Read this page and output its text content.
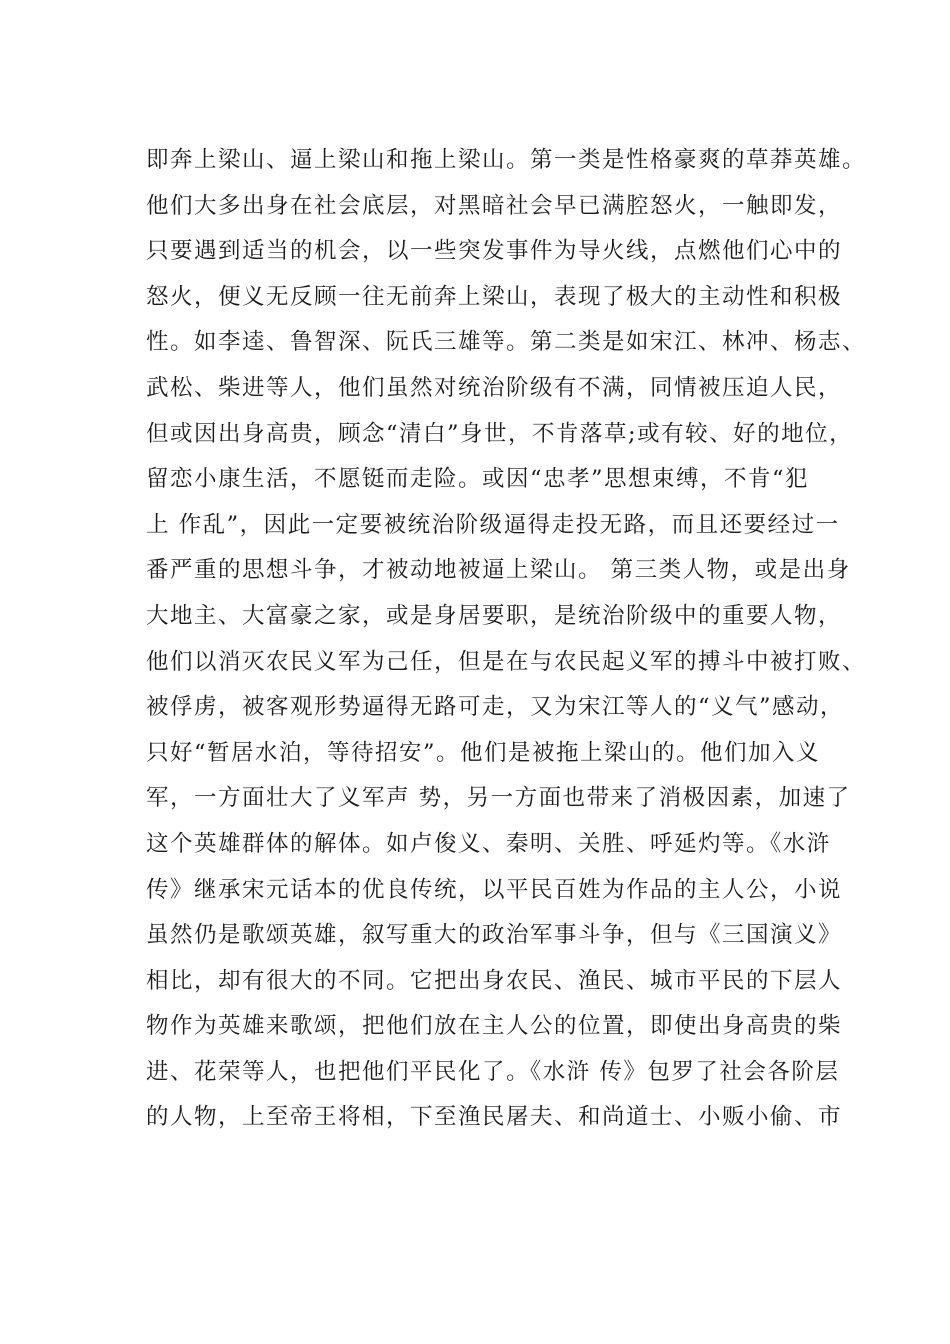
即奔上梁山、逼上梁山和拖上梁山。第一类是性格豪爽的草莽英雄。
他们大多出身在社会底层，对黑暗社会早已满腔怒火，一触即发，
只要遇到适当的机会，以一些突发事件为导火线，点燃他们心中的
怒火，便义无反顾一往无前奔上梁山，表现了极大的主动性和积极
性。如李逵、鲁智深、阮氏三雄等。第二类是如宋江、林冲、杨志、
武松、柴进等人，他们虽然对统治阶级有不满，同情被压迫人民，
但或因出身高贵，顾念“清白”身世，不肯落草;或有较、好的地位，
留恋小康生活，不愿铤而走险。或因“忠孝”思想束缚，不肯“犯
上 作乱”，因此一定要被统治阶级逼得走投无路，而且还要经过一
番严重的思想斗争，才被动地被逼上梁山。 第三类人物，或是出身
大地主、大富豪之家，或是身居要职，是统治阶级中的重要人物，
他们以消灭农民义军为己任，但是在与农民起义军的搏斗中被打败、
被俘虏，被客观形势逼得无路可走，又为宋江等人的“义气”感动，
只好“暂居水泊，等待招安”。他们是被拖上梁山的。他们加入义
军，一方面壮大了义军声 势，另一方面也带来了消极因素，加速了
这个英雄群体的解体。如卢俊义、秦明、关胜、呼延灼等。《水浒
传》继承宋元话本的优良传统，以平民百姓为作品的主人公，小说
虽然仍是歌颂英雄，叙写重大的政治军事斗争，但与《三国演义》
相比，却有很大的不同。它把出身农民、渔民、城市平民的下层人
物作为英雄来歌颂，把他们放在主人公的位置，即使出身高贵的柴
进、花荣等人，也把他们平民化了。《水浒 传》包罗了社会各阶层
的人物，上至帝王将相，下至渔民屠夫、和尚道士、小贩小偷、市
